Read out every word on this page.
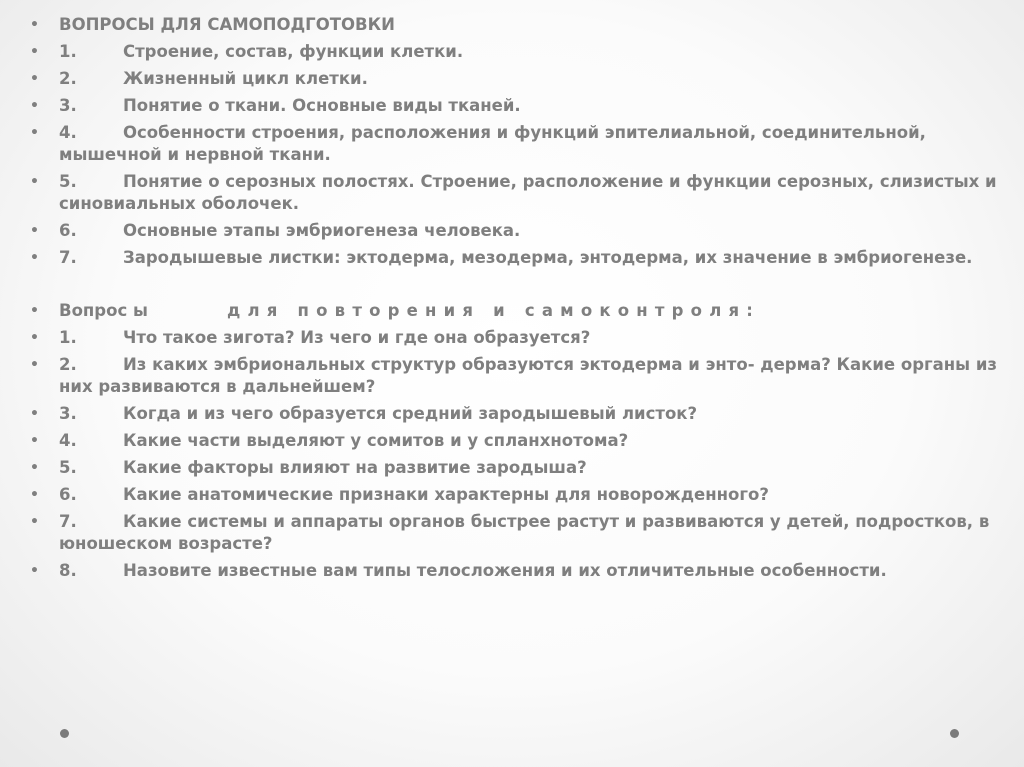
•	ВОПРОСЫ ДЛЯ САМОПОДГОТОВКИ
•	1.	Строение, состав, функции клетки.
•	2.	Жизненный цикл клетки.
•	3.	Понятие о ткани. Основные виды тканей.
•	4.	Особенности строения, расположения и функций эпителиальной, соединительной, мышечной и нервной ткани.
•	5.	Понятие о серозных полостях. Строение, расположение и функции серозных, слизистых и синовиальных оболочек.
•	6.	Основные этапы эмбриогенеза человека.
•	7.	Зародышевые листки: эктодерма, мезодерма, энтодерма, их значение в эмбриогенезе.
•	Вопрос ы	для повторения и самоконтроля:
•	1.	Что такое зигота? Из чего и где она образуется?
•	2.	Из каких эмбриональных структур образуются эктодерма и энто- дерма? Какие органы из них развиваются в дальнейшем?
•	3.	Когда и из чего образуется средний зародышевый листок?
•	4.	Какие части выделяют у сомитов и у спланхнотома?
•	5.	Какие факторы влияют на развитие зародыша?
•	6.	Какие анатомические признаки характерны для новорожденного?
•	7.	Какие системы и аппараты органов быстрее растут и развиваются у детей, подростков, в юношеском возрасте?
•	8.	Назовите известные вам типы телосложения и их отличительные особенности.
